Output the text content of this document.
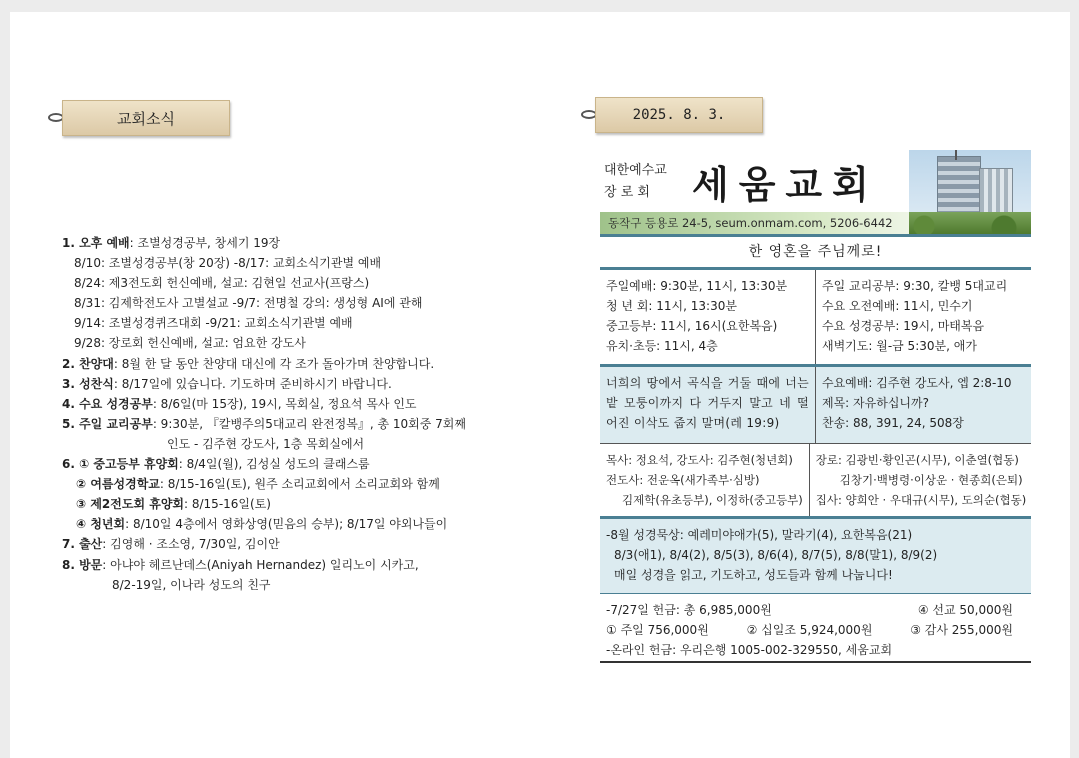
교회소식
1. 오후 예배: 조별성경공부, 창세기 19장
8/10: 조별성경공부(창 20장) -8/17: 교회소식기관별 예배
8/24: 제3전도회 헌신예배, 설교: 김현일 선교사(프랑스)
8/31: 김제학전도사 고별설교 -9/7: 전명철 강의: 생성형 AI에 관해
9/14: 조별성경퀴즈대회 -9/21: 교회소식기관별 예배
9/28: 장로회 헌신예배, 설교: 엄요한 강도사
2. 찬양대: 8월 한 달 동안 찬양대 대신에 각 조가 돌아가며 찬양합니다.
3. 성찬식: 8/17일에 있습니다. 기도하며 준비하시기 바랍니다.
4. 수요 성경공부: 8/6일(마 15장), 19시, 목회실, 정요석 목사 인도
5. 주일 교리공부: 9:30분, 『칼뱅주의5대교리 완전정복』, 총 10회중 7회째
인도 - 김주현 강도사, 1층 목회실에서
6. ① 중고등부 휴양회: 8/4일(월), 김성실 성도의 클래스룸
② 여름성경학교: 8/15-16일(토), 원주 소리교회에서 소리교회와 함께
③ 제2전도회 휴양회: 8/15-16일(토)
④ 청년회: 8/10일 4층에서 영화상영(믿음의 승부); 8/17일 야외나들이
7. 출산: 김영해 · 조소영, 7/30일, 김이안
8. 방문: 아냐야 헤르난데스(Aniyah Hernandez) 일리노이 시카고,
8/2-19일, 이나라 성도의 친구
2025. 8. 3.
대한예수교
장 로 회	세움교회
동작구 등용로 24-5, seum.onmam.com, 5206-6442
한 영혼을 주님께로!
주일예배: 9:30분, 11시, 13:30분
청 년 회: 11시, 13:30분
중고등부: 11시, 16시(요한복음)
유치·초등: 11시, 4층
주일 교리공부: 9:30, 칼뱅 5대교리
수요 오전예배: 11시, 민수기
수요 성경공부: 19시, 마태복음
새벽기도: 월-금 5:30분, 애가
너희의 땅에서 곡식을 거둘 때에 너는 밭 모퉁이까지 다 거두지 말고 네 떨어진 이삭도 줍지 말며(레 19:9)
수요예배: 김주현 강도사, 엡 2:8-10
제목: 자유하십니까?
찬송: 88, 391, 24, 508장
목사: 정요석, 강도사: 김주현(청년회)
전도사: 전운옥(새가족부·심방)
김제학(유초등부), 이정하(중고등부)
장로: 김광빈·황인곤(시무), 이춘열(협동)
김창기·백병령·이상운 · 현종희(은퇴)
집사: 양희안 · 우대규(시무), 도의순(협동)
-8월 성경묵상: 예레미야애가(5), 말라기(4), 요한복음(21)
8/3(애1), 8/4(2), 8/5(3), 8/6(4), 8/7(5), 8/8(말1), 8/9(2)
매일 성경을 읽고, 기도하고, 성도들과 함께 나눕니다!
-7/27일 헌금: 총 6,985,000원	④ 선교 50,000원
① 주일 756,000원	② 십일조 5,924,000원	③ 감사 255,000원
-온라인 헌금: 우리은행 1005-002-329550, 세움교회
